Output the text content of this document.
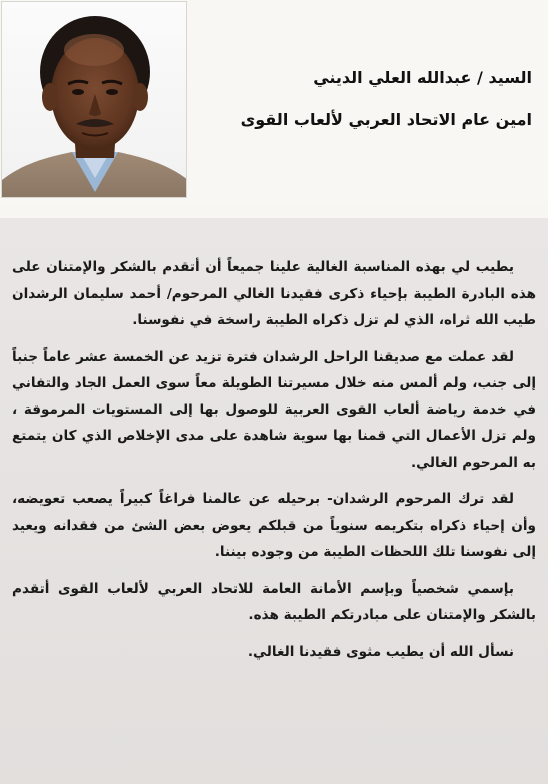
السيد / عبدالله العلي الديني
امين عام الاتحاد العربي لألعاب القوى

يطيب لي بهذه المناسبة الغالية علينا جميعاً أن أتقدم بالشكر والإمتنان على هذه البادرة الطيبة بإحياء ذكرى فقيدنا الغالي المرحوم/ أحمد سليمان الرشدان طيب الله ثراه، الذي لم تزل ذكراه الطيبة راسخة في نفوسنا.

لقد عملت مع صديقنا الراحل الرشدان فترة تزيد عن الخمسة عشر عاماً جنباً إلى جنب، ولم ألمس منه خلال مسيرتنا الطويلة معاً سوى العمل الجاد والتفاني في خدمة رياضة ألعاب القوى العربية للوصول بها إلى المستويات المرموقة ، ولم تزل الأعمال التي قمنا بها سوية شاهدة على مدى الإخلاص الذي كان يتمتع به المرحوم الغالي.

لقد ترك المرحوم الرشدان- برحيله عن عالمنا فراغاً كبيراً يصعب تعويضه، وأن إحياء ذكراه بتكريمه سنوياً من قبلكم يعوض بعض الشئ من فقدانه ويعيد إلى نفوسنا تلك اللحظات الطيبة من وجوده بيننا.

بإسمي شخصياً وبإسم الأمانة العامة للاتحاد العربي لألعاب القوى أتقدم بالشكر والإمتنان على مبادرتكم الطيبة هذه.

نسأل الله أن يطيب مثوى فقيدنا الغالي.
